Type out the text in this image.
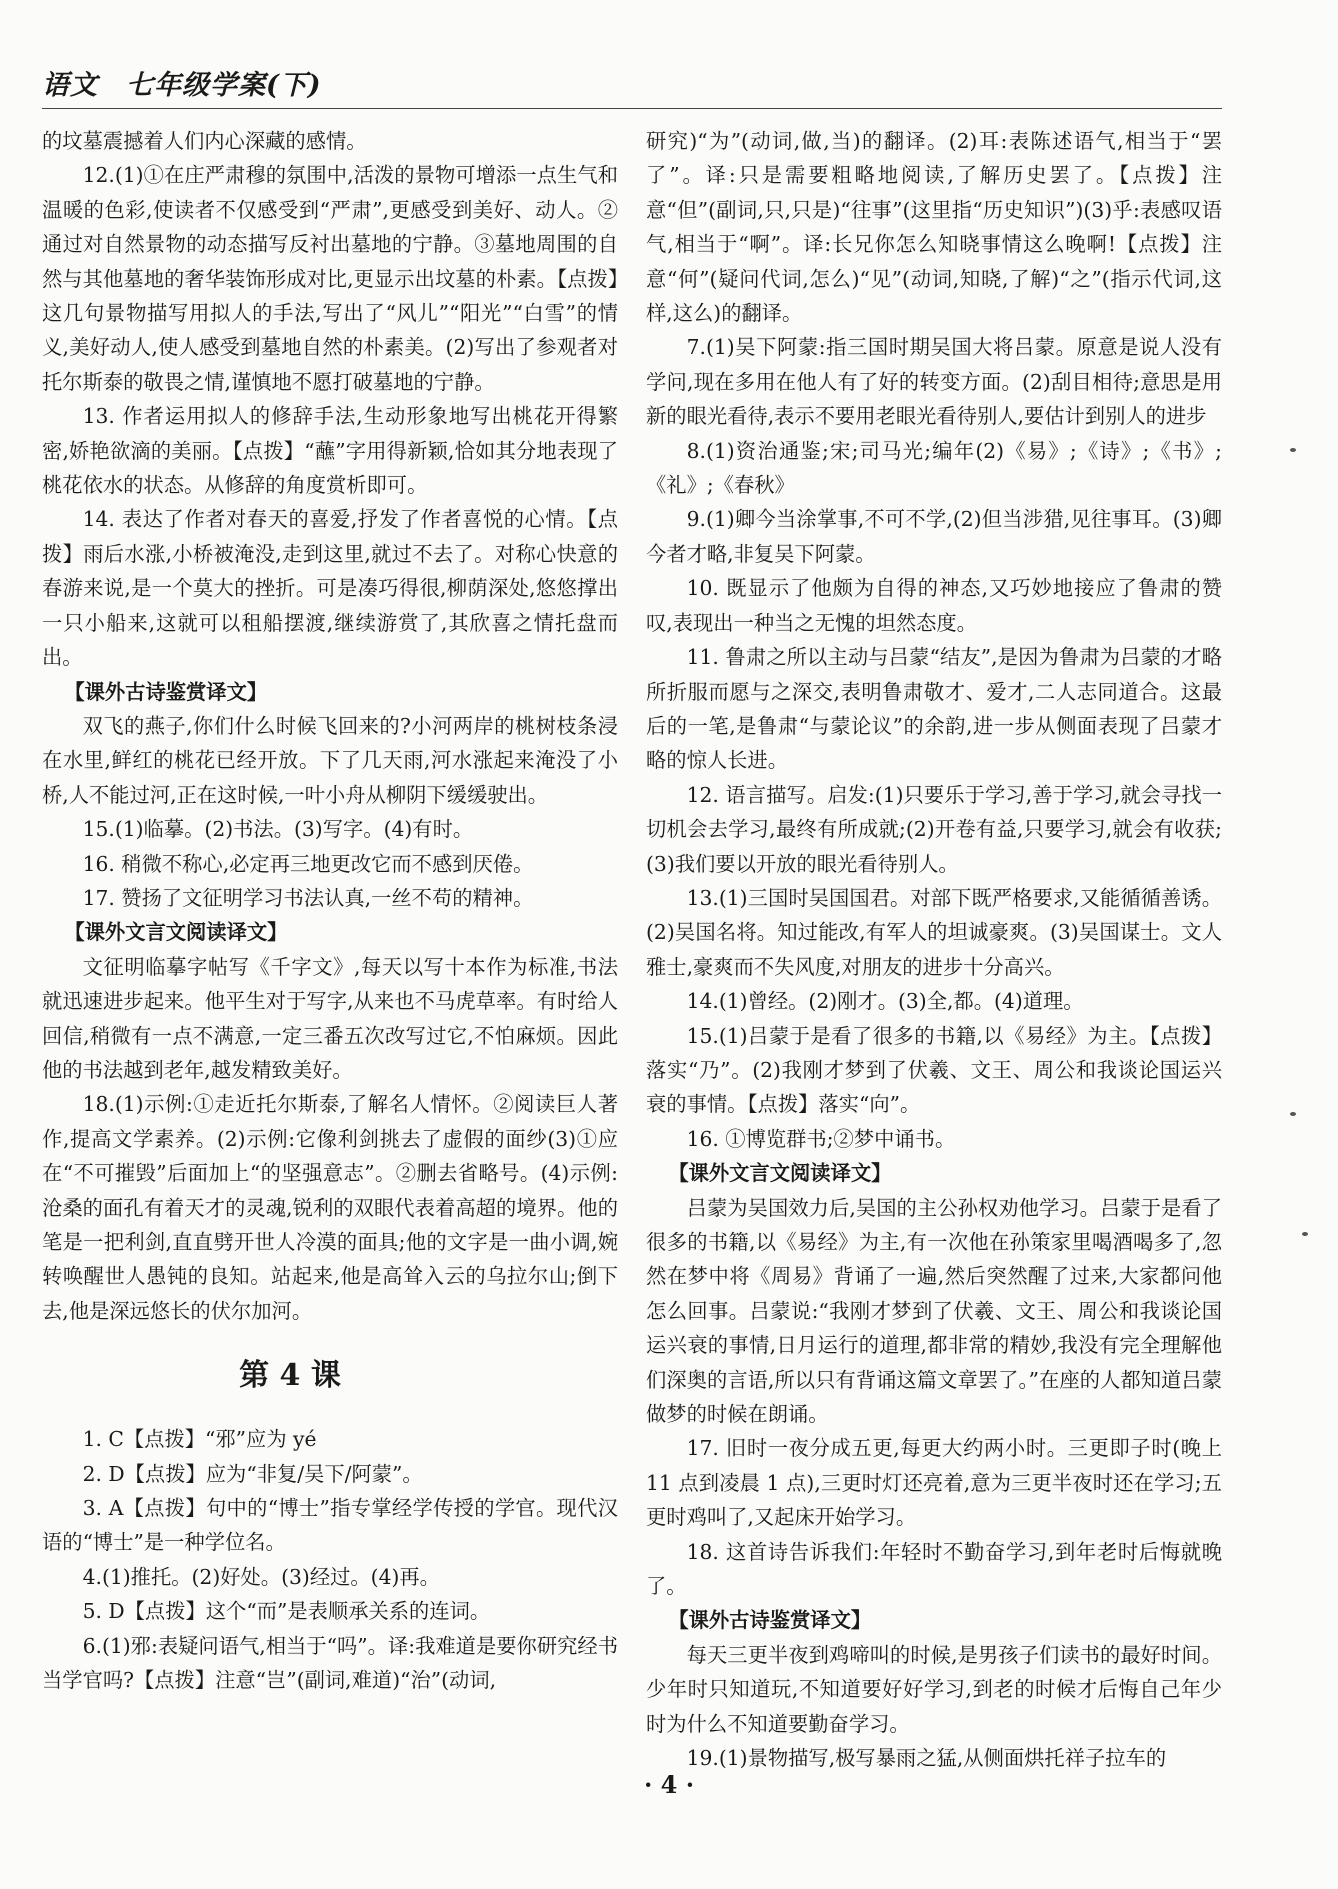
语文　七年级学案(下)

的坟墓震撼着人们内心深藏的感情。

12.(1)①在庄严肃穆的氛围中,活泼的景物可增添一点生气和温暖的色彩,使读者不仅感受到“严肃”,更感受到美好、动人。②通过对自然景物的动态描写反衬出墓地的宁静。③墓地周围的自然与其他墓地的奢华装饰形成对比,更显示出坟墓的朴素。【点拨】这几句景物描写用拟人的手法,写出了“风儿”“阳光”“白雪”的情义,美好动人,使人感受到墓地自然的朴素美。(2)写出了参观者对托尔斯泰的敬畏之情,谨慎地不愿打破墓地的宁静。

13. 作者运用拟人的修辞手法,生动形象地写出桃花开得繁密,娇艳欲滴的美丽。【点拨】“蘸”字用得新颖,恰如其分地表现了桃花依水的状态。从修辞的角度赏析即可。

14. 表达了作者对春天的喜爱,抒发了作者喜悦的心情。【点拨】雨后水涨,小桥被淹没,走到这里,就过不去了。对称心快意的春游来说,是一个莫大的挫折。可是凑巧得很,柳荫深处,悠悠撑出一只小船来,这就可以租船摆渡,继续游赏了,其欣喜之情托盘而出。

【课外古诗鉴赏译文】

双飞的燕子,你们什么时候飞回来的?小河两岸的桃树枝条浸在水里,鲜红的桃花已经开放。下了几天雨,河水涨起来淹没了小桥,人不能过河,正在这时候,一叶小舟从柳阴下缓缓驶出。

15.(1)临摹。(2)书法。(3)写字。(4)有时。

16. 稍微不称心,必定再三地更改它而不感到厌倦。

17. 赞扬了文征明学习书法认真,一丝不苟的精神。

【课外文言文阅读译文】

文征明临摹字帖写《千字文》,每天以写十本作为标准,书法就迅速进步起来。他平生对于写字,从来也不马虎草率。有时给人回信,稍微有一点不满意,一定三番五次改写过它,不怕麻烦。因此他的书法越到老年,越发精致美好。

18.(1)示例:①走近托尔斯泰,了解名人情怀。②阅读巨人著作,提高文学素养。(2)示例:它像利剑挑去了虚假的面纱(3)①应在“不可摧毁”后面加上“的坚强意志”。②删去省略号。(4)示例:沧桑的面孔有着天才的灵魂,锐利的双眼代表着高超的境界。他的笔是一把利剑,直直劈开世人冷漠的面具;他的文字是一曲小调,婉转唤醒世人愚钝的良知。站起来,他是高耸入云的乌拉尔山;倒下去,他是深远悠长的伏尔加河。

第 4 课

1. C【点拨】“邪”应为 yé

2. D【点拨】应为“非复/吴下/阿蒙”。

3. A【点拨】句中的“博士”指专掌经学传授的学官。现代汉语的“博士”是一种学位名。

4.(1)推托。(2)好处。(3)经过。(4)再。

5. D【点拨】这个“而”是表顺承关系的连词。

6.(1)邪:表疑问语气,相当于“吗”。译:我难道是要你研究经书当学官吗?【点拨】注意“岂”(副词,难道)“治”(动词,

研究)“为”(动词,做,当)的翻译。(2)耳:表陈述语气,相当于“罢了”。译:只是需要粗略地阅读,了解历史罢了。【点拨】注意“但”(副词,只,只是)“往事”(这里指“历史知识”)(3)乎:表感叹语气,相当于“啊”。译:长兄你怎么知晓事情这么晚啊!【点拨】注意“何”(疑问代词,怎么)“见”(动词,知晓,了解)“之”(指示代词,这样,这么)的翻译。

7.(1)吴下阿蒙:指三国时期吴国大将吕蒙。原意是说人没有学问,现在多用在他人有了好的转变方面。(2)刮目相待;意思是用新的眼光看待,表示不要用老眼光看待别人,要估计到别人的进步

8.(1)资治通鉴;宋;司马光;编年(2)《易》;《诗》;《书》;《礼》;《春秋》

9.(1)卿今当涂掌事,不可不学,(2)但当涉猎,见往事耳。(3)卿今者才略,非复吴下阿蒙。

10. 既显示了他颇为自得的神态,又巧妙地接应了鲁肃的赞叹,表现出一种当之无愧的坦然态度。

11. 鲁肃之所以主动与吕蒙“结友”,是因为鲁肃为吕蒙的才略所折服而愿与之深交,表明鲁肃敬才、爱才,二人志同道合。这最后的一笔,是鲁肃“与蒙论议”的余韵,进一步从侧面表现了吕蒙才略的惊人长进。

12. 语言描写。启发:(1)只要乐于学习,善于学习,就会寻找一切机会去学习,最终有所成就;(2)开卷有益,只要学习,就会有收获;(3)我们要以开放的眼光看待别人。

13.(1)三国时吴国国君。对部下既严格要求,又能循循善诱。(2)吴国名将。知过能改,有军人的坦诚豪爽。(3)吴国谋士。文人雅士,豪爽而不失风度,对朋友的进步十分高兴。

14.(1)曾经。(2)刚才。(3)全,都。(4)道理。

15.(1)吕蒙于是看了很多的书籍,以《易经》为主。【点拨】落实“乃”。(2)我刚才梦到了伏羲、文王、周公和我谈论国运兴衰的事情。【点拨】落实“向”。

16. ①博览群书;②梦中诵书。

【课外文言文阅读译文】

吕蒙为吴国效力后,吴国的主公孙权劝他学习。吕蒙于是看了很多的书籍,以《易经》为主,有一次他在孙策家里喝酒喝多了,忽然在梦中将《周易》背诵了一遍,然后突然醒了过来,大家都问他怎么回事。吕蒙说:“我刚才梦到了伏羲、文王、周公和我谈论国运兴衰的事情,日月运行的道理,都非常的精妙,我没有完全理解他们深奥的言语,所以只有背诵这篇文章罢了。”在座的人都知道吕蒙做梦的时候在朗诵。

17. 旧时一夜分成五更,每更大约两小时。三更即子时(晚上 11 点到凌晨 1 点),三更时灯还亮着,意为三更半夜时还在学习;五更时鸡叫了,又起床开始学习。

18. 这首诗告诉我们:年轻时不勤奋学习,到年老时后悔就晚了。

【课外古诗鉴赏译文】

每天三更半夜到鸡啼叫的时候,是男孩子们读书的最好时间。少年时只知道玩,不知道要好好学习,到老的时候才后悔自己年少时为什么不知道要勤奋学习。

19.(1)景物描写,极写暴雨之猛,从侧面烘托祥子拉车的

· 4 ·
